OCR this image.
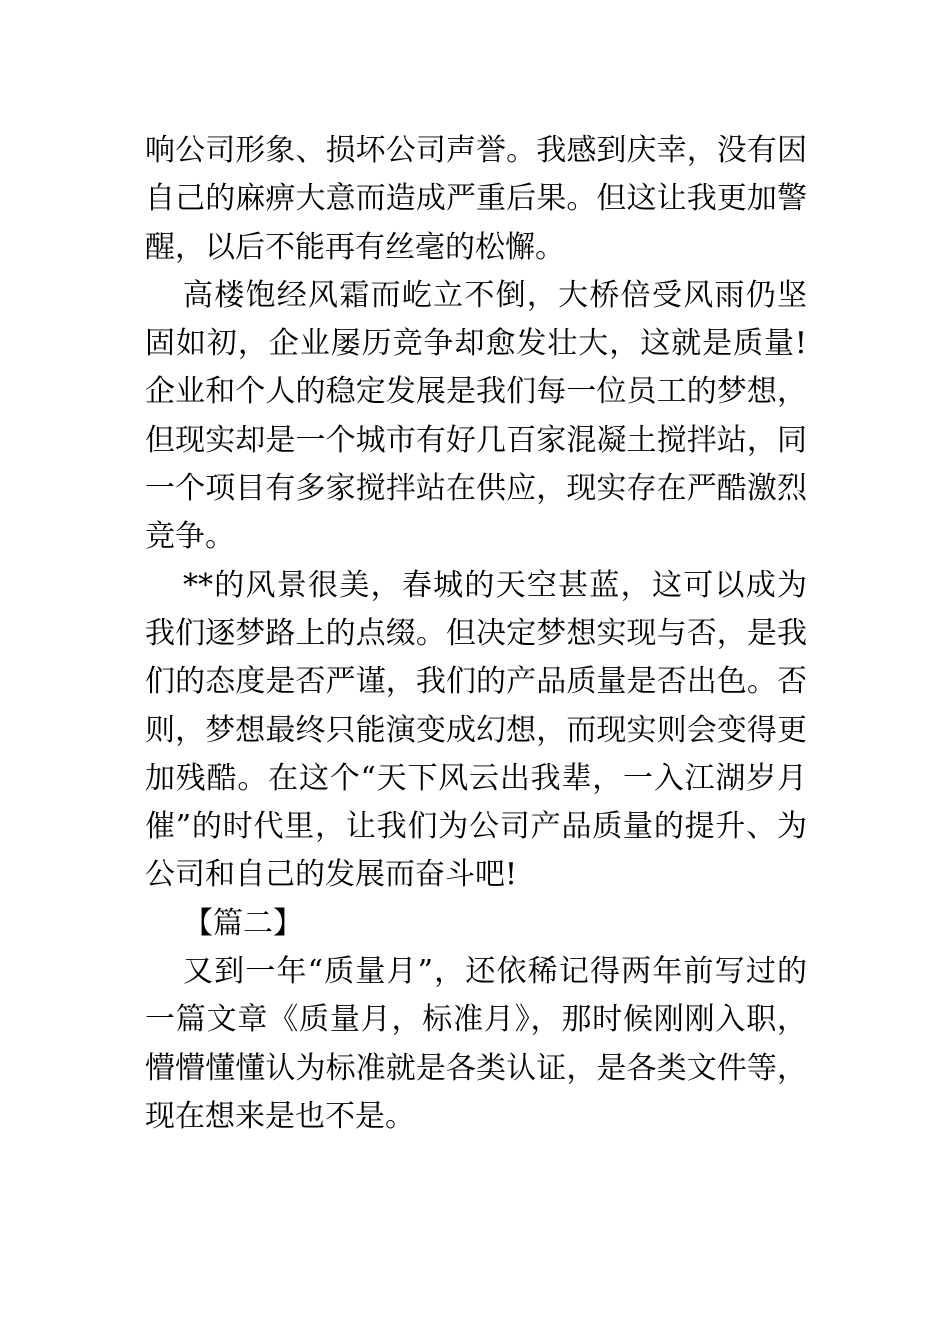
响公司形象、损坏公司声誉。我感到庆幸，没有因自己的麻痹大意而造成严重后果。但这让我更加警醒，以后不能再有丝毫的松懈。

高楼饱经风霜而屹立不倒，大桥倍受风雨仍坚固如初，企业屡历竞争却愈发壮大，这就是质量!企业和个人的稳定发展是我们每一位员工的梦想，但现实却是一个城市有好几百家混凝土搅拌站，同一个项目有多家搅拌站在供应，现实存在严酷激烈竞争。

**的风景很美，春城的天空甚蓝，这可以成为我们逐梦路上的点缀。但决定梦想实现与否，是我们的态度是否严谨，我们的产品质量是否出色。否则，梦想最终只能演变成幻想，而现实则会变得更加残酷。在这个“天下风云出我辈，一入江湖岁月催”的时代里，让我们为公司产品质量的提升、为公司和自己的发展而奋斗吧!

【篇二】

又到一年“质量月”，还依稀记得两年前写过的一篇文章《质量月，标准月》，那时候刚刚入职，懵懵懂懂认为标准就是各类认证，是各类文件等，现在想来是也不是。
